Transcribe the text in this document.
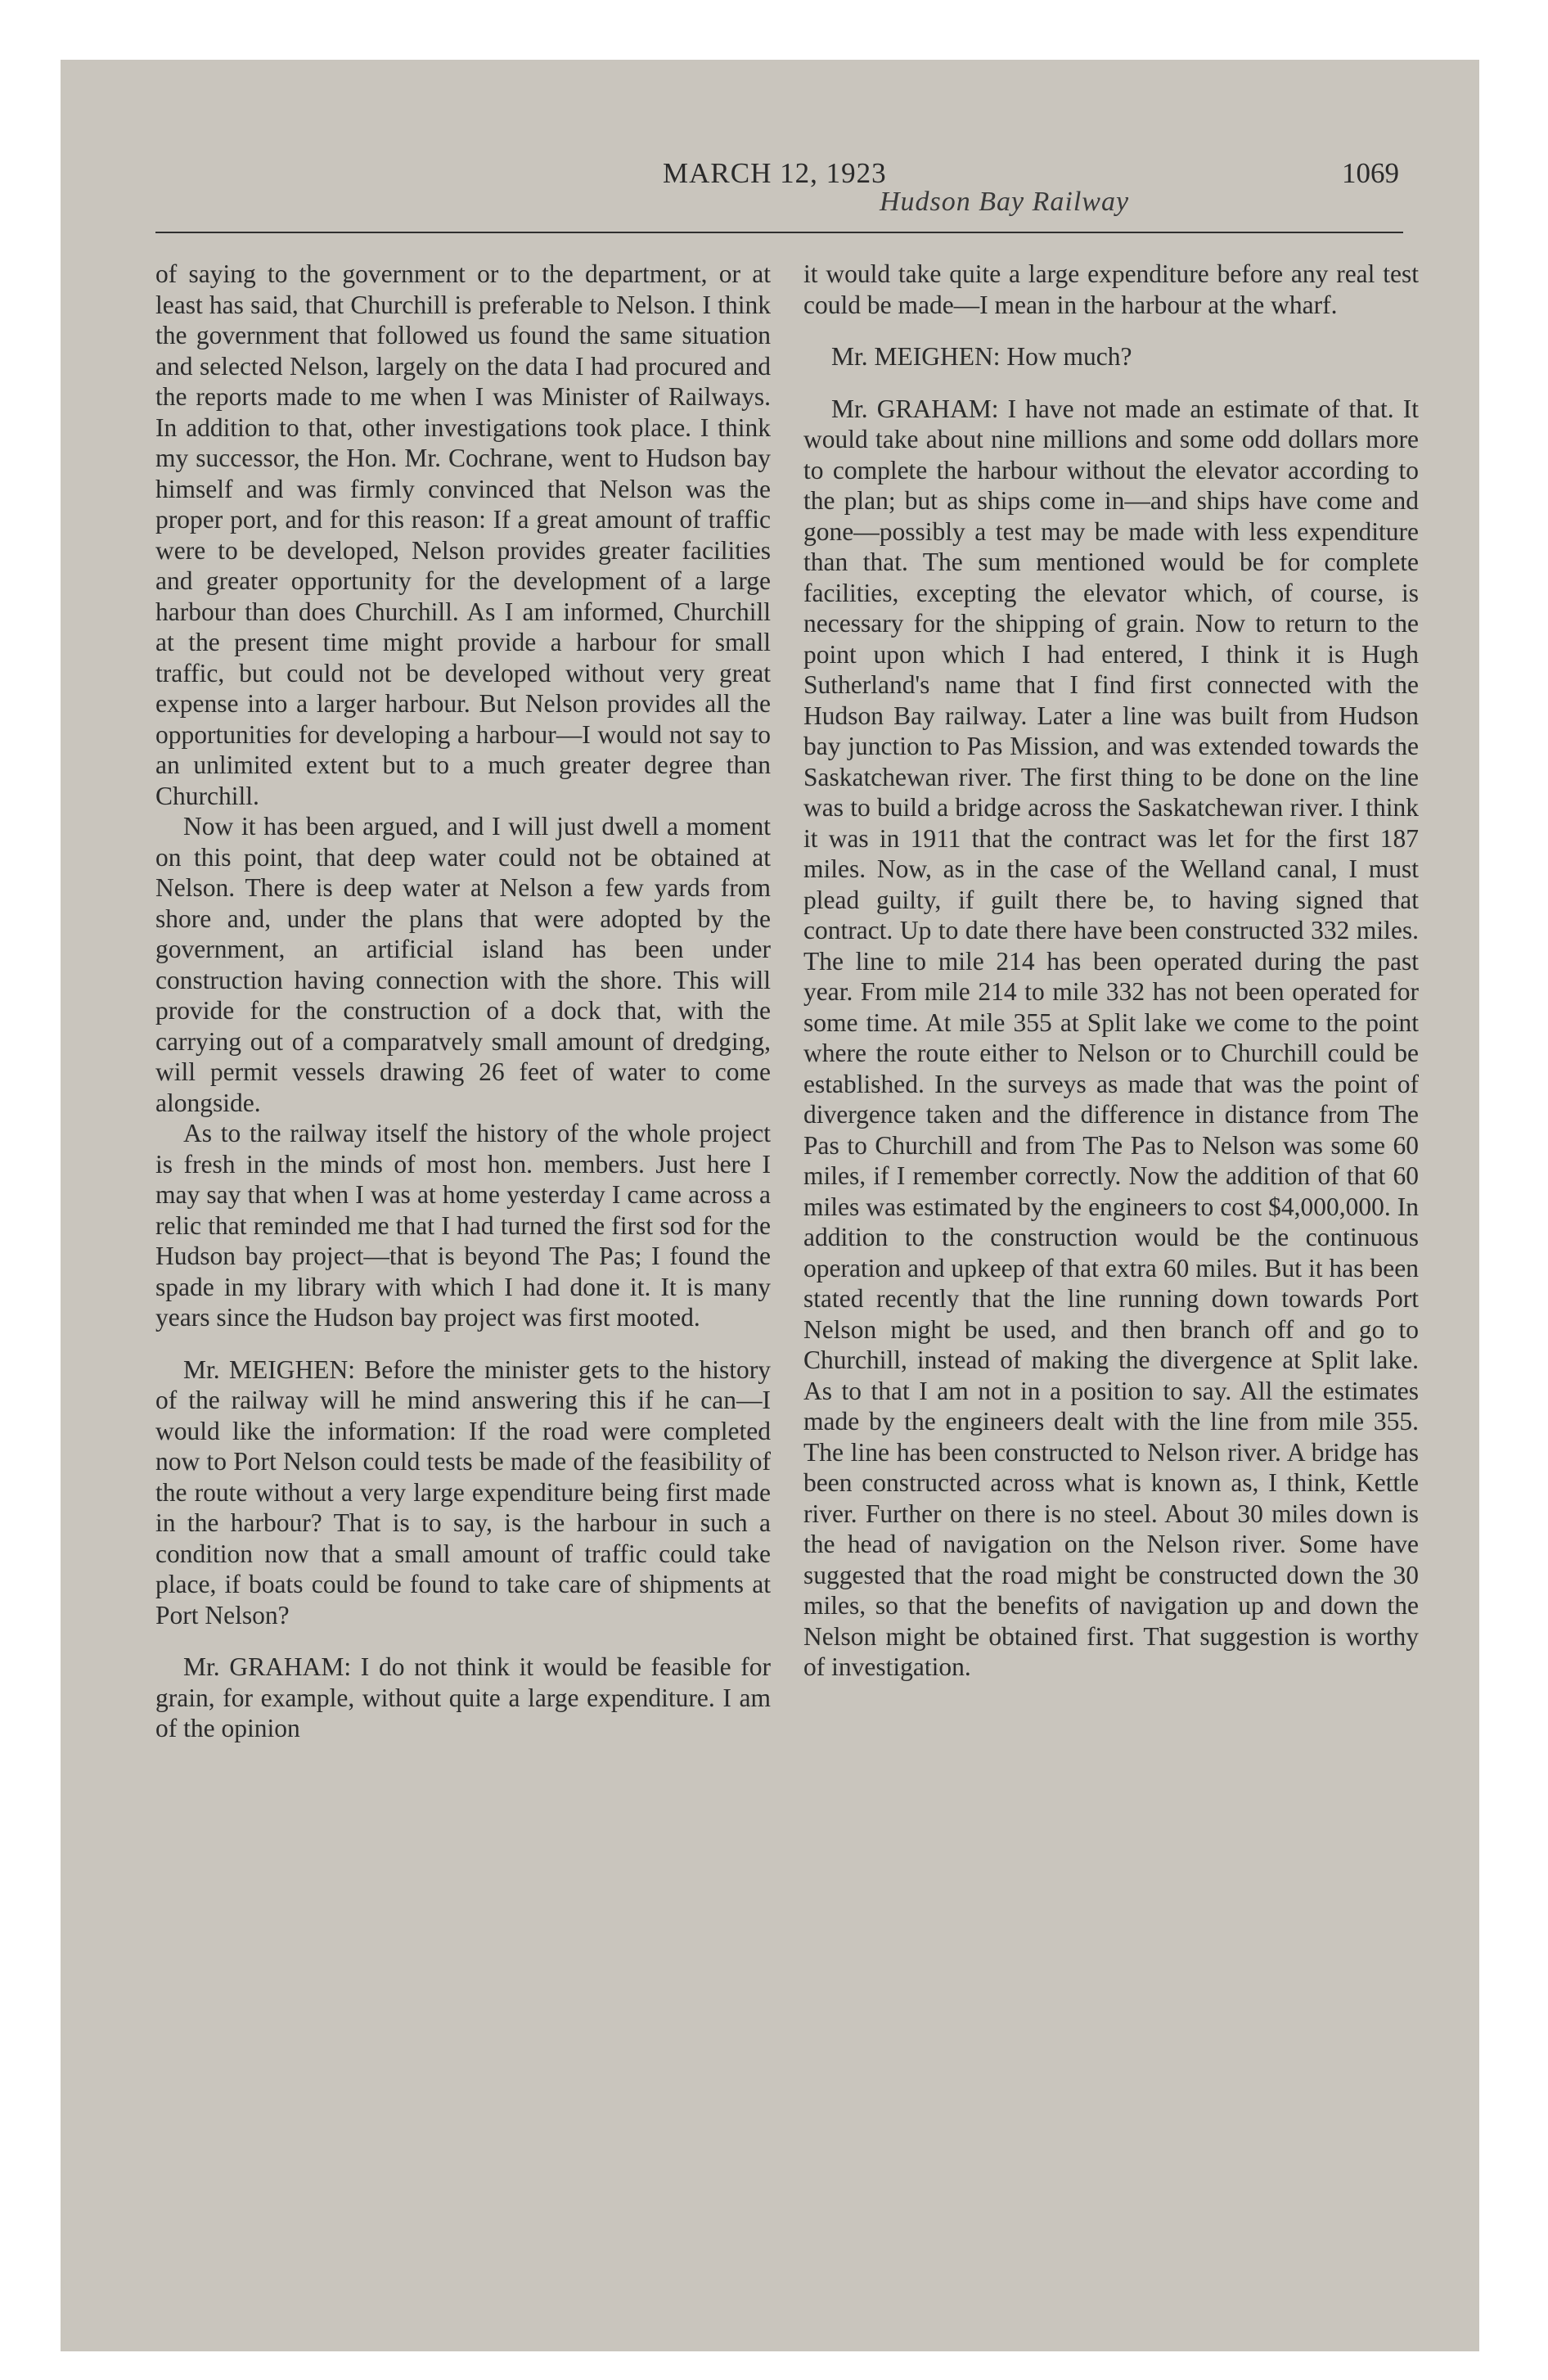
MARCH 12, 1923	1069
Hudson Bay Railway

of saying to the government or to the department, or at least has said, that Churchill is preferable to Nelson. I think the government that followed us found the same situation and selected Nelson, largely on the data I had procured and the reports made to me when I was Minister of Railways. In addition to that, other investigations took place. I think my successor, the Hon. Mr. Cochrane, went to Hudson bay himself and was firmly convinced that Nelson was the proper port, and for this reason: If a great amount of traffic were to be developed, Nelson provides greater facilities and greater opportunity for the development of a large harbour than does Churchill. As I am informed, Churchill at the present time might provide a harbour for small traffic, but could not be developed without very great expense into a larger harbour. But Nelson provides all the opportunities for developing a harbour—I would not say to an unlimited extent but to a much greater degree than Churchill.

Now it has been argued, and I will just dwell a moment on this point, that deep water could not be obtained at Nelson. There is deep water at Nelson a few yards from shore and, under the plans that were adopted by the government, an artificial island has been under construction having connection with the shore. This will provide for the construction of a dock that, with the carrying out of a comparatvely small amount of dredging, will permit vessels drawing 26 feet of water to come alongside.

As to the railway itself the history of the whole project is fresh in the minds of most hon. members. Just here I may say that when I was at home yesterday I came across a relic that reminded me that I had turned the first sod for the Hudson bay project—that is beyond The Pas; I found the spade in my library with which I had done it. It is many years since the Hudson bay project was first mooted.

Mr. MEIGHEN: Before the minister gets to the history of the railway will he mind answering this if he can—I would like the information: If the road were completed now to Port Nelson could tests be made of the feasibility of the route without a very large expenditure being first made in the harbour? That is to say, is the harbour in such a condition now that a small amount of traffic could take place, if boats could be found to take care of shipments at Port Nelson?

Mr. GRAHAM: I do not think it would be feasible for grain, for example, without quite a large expenditure. I am of the opinion

it would take quite a large expenditure before any real test could be made—I mean in the harbour at the wharf.

Mr. MEIGHEN: How much?

Mr. GRAHAM: I have not made an estimate of that. It would take about nine millions and some odd dollars more to complete the harbour without the elevator according to the plan; but as ships come in—and ships have come and gone—possibly a test may be made with less expenditure than that. The sum mentioned would be for complete facilities, excepting the elevator which, of course, is necessary for the shipping of grain. Now to return to the point upon which I had entered, I think it is Hugh Sutherland's name that I find first connected with the Hudson Bay railway. Later a line was built from Hudson bay junction to Pas Mission, and was extended towards the Saskatchewan river. The first thing to be done on the line was to build a bridge across the Saskatchewan river. I think it was in 1911 that the contract was let for the first 187 miles. Now, as in the case of the Welland canal, I must plead guilty, if guilt there be, to having signed that contract. Up to date there have been constructed 332 miles. The line to mile 214 has been operated during the past year. From mile 214 to mile 332 has not been operated for some time. At mile 355 at Split lake we come to the point where the route either to Nelson or to Churchill could be established. In the surveys as made that was the point of divergence taken and the difference in distance from The Pas to Churchill and from The Pas to Nelson was some 60 miles, if I remember correctly. Now the addition of that 60 miles was estimated by the engineers to cost $4,000,000. In addition to the construction would be the continuous operation and upkeep of that extra 60 miles. But it has been stated recently that the line running down towards Port Nelson might be used, and then branch off and go to Churchill, instead of making the divergence at Split lake. As to that I am not in a position to say. All the estimates made by the engineers dealt with the line from mile 355. The line has been constructed to Nelson river. A bridge has been constructed across what is known as, I think, Kettle river. Further on there is no steel. About 30 miles down is the head of navigation on the Nelson river. Some have suggested that the road might be constructed down the 30 miles, so that the benefits of navigation up and down the Nelson might be obtained first. That suggestion is worthy of investigation.
